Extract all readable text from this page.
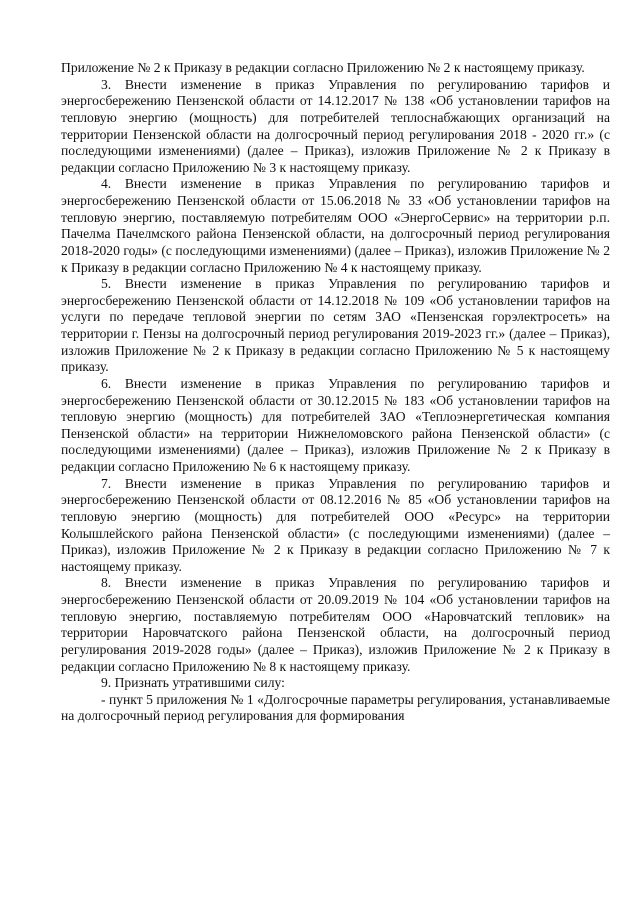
Приложение № 2 к Приказу в редакции согласно Приложению № 2 к настоящему приказу.

3. Внести изменение в приказ Управления по регулированию тарифов и энергосбережению Пензенской области от 14.12.2017 № 138 «Об установлении тарифов на тепловую энергию (мощность) для потребителей теплоснабжающих организаций на территории Пензенской области на долгосрочный период регулирования 2018 - 2020 гг.» (с последующими изменениями) (далее – Приказ), изложив Приложение № 2 к Приказу в редакции согласно Приложению № 3 к настоящему приказу.

4. Внести изменение в приказ Управления по регулированию тарифов и энергосбережению Пензенской области от 15.06.2018 № 33 «Об установлении тарифов на тепловую энергию, поставляемую потребителям ООО «ЭнергоСервис» на территории р.п. Пачелма Пачелмского района Пензенской области, на долгосрочный период регулирования 2018-2020 годы» (с последующими изменениями) (далее – Приказ), изложив Приложение № 2 к Приказу в редакции согласно Приложению № 4 к настоящему приказу.

5. Внести изменение в приказ Управления по регулированию тарифов и энергосбережению Пензенской области от 14.12.2018 № 109 «Об установлении тарифов на услуги по передаче тепловой энергии по сетям ЗАО «Пензенская горэлектросеть» на территории г. Пензы на долгосрочный период регулирования 2019-2023 гг.» (далее – Приказ), изложив Приложение № 2 к Приказу в редакции согласно Приложению № 5 к настоящему приказу.

6. Внести изменение в приказ Управления по регулированию тарифов и энергосбережению Пензенской области от 30.12.2015 № 183 «Об установлении тарифов на тепловую энергию (мощность) для потребителей ЗАО «Теплоэнергетическая компания Пензенской области» на территории Нижнеломовского района Пензенской области» (с последующими изменениями) (далее – Приказ), изложив Приложение № 2 к Приказу в редакции согласно Приложению № 6 к настоящему приказу.

7. Внести изменение в приказ Управления по регулированию тарифов и энергосбережению Пензенской области от 08.12.2016 № 85 «Об установлении тарифов на тепловую энергию (мощность) для потребителей ООО «Ресурс» на территории Колышлейского района Пензенской области» (с последующими изменениями) (далее – Приказ), изложив Приложение № 2 к Приказу в редакции согласно Приложению № 7 к настоящему приказу.

8. Внести изменение в приказ Управления по регулированию тарифов и энергосбережению Пензенской области от 20.09.2019 № 104 «Об установлении тарифов на тепловую энергию, поставляемую потребителям ООО «Наровчатский тепловик» на территории Наровчатского района Пензенской области, на долгосрочный период регулирования 2019-2028 годы» (далее – Приказ), изложив Приложение № 2 к Приказу в редакции согласно Приложению № 8 к настоящему приказу.

9. Признать утратившими силу:

- пункт 5 приложения № 1 «Долгосрочные параметры регулирования, устанавливаемые на долгосрочный период регулирования для формирования
